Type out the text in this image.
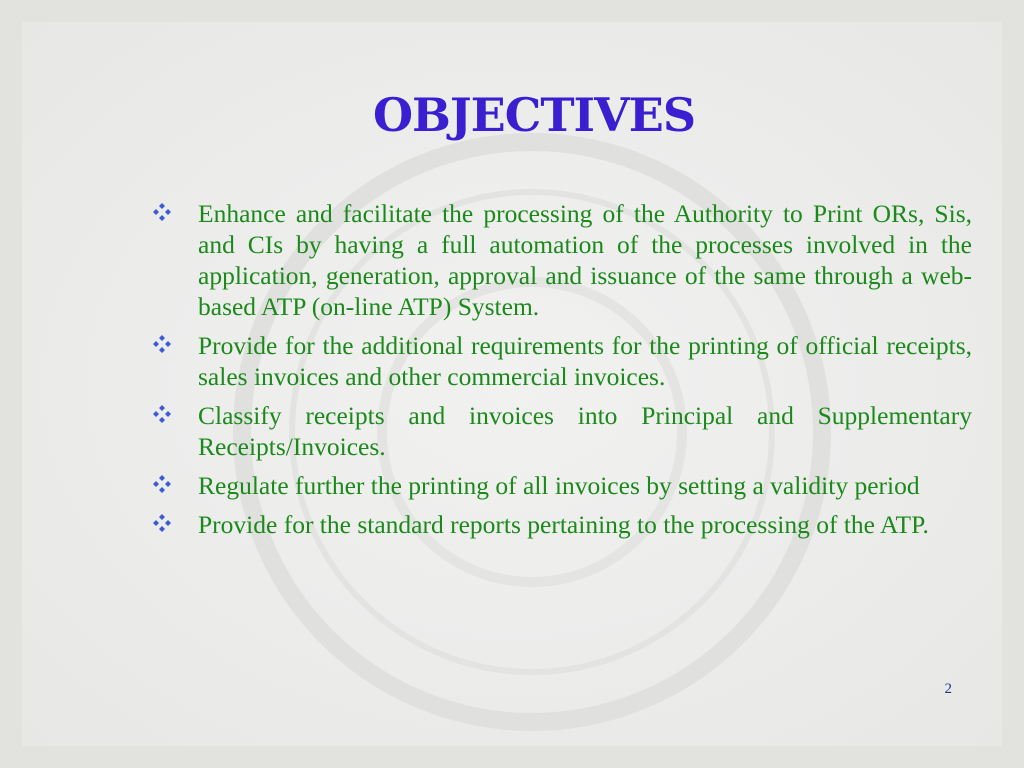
OBJECTIVES
Enhance and facilitate the processing of the Authority to Print ORs, Sis, and CIs by having a full automation of the processes involved in the application, generation, approval and issuance of the same through a web-based ATP (on-line ATP) System.
Provide for the additional requirements for the printing of official receipts, sales invoices and other commercial invoices.
Classify receipts and invoices into Principal and Supplementary Receipts/Invoices.
Regulate further the printing of all invoices by setting a validity period
Provide for the standard reports pertaining to the processing of the ATP.
2
